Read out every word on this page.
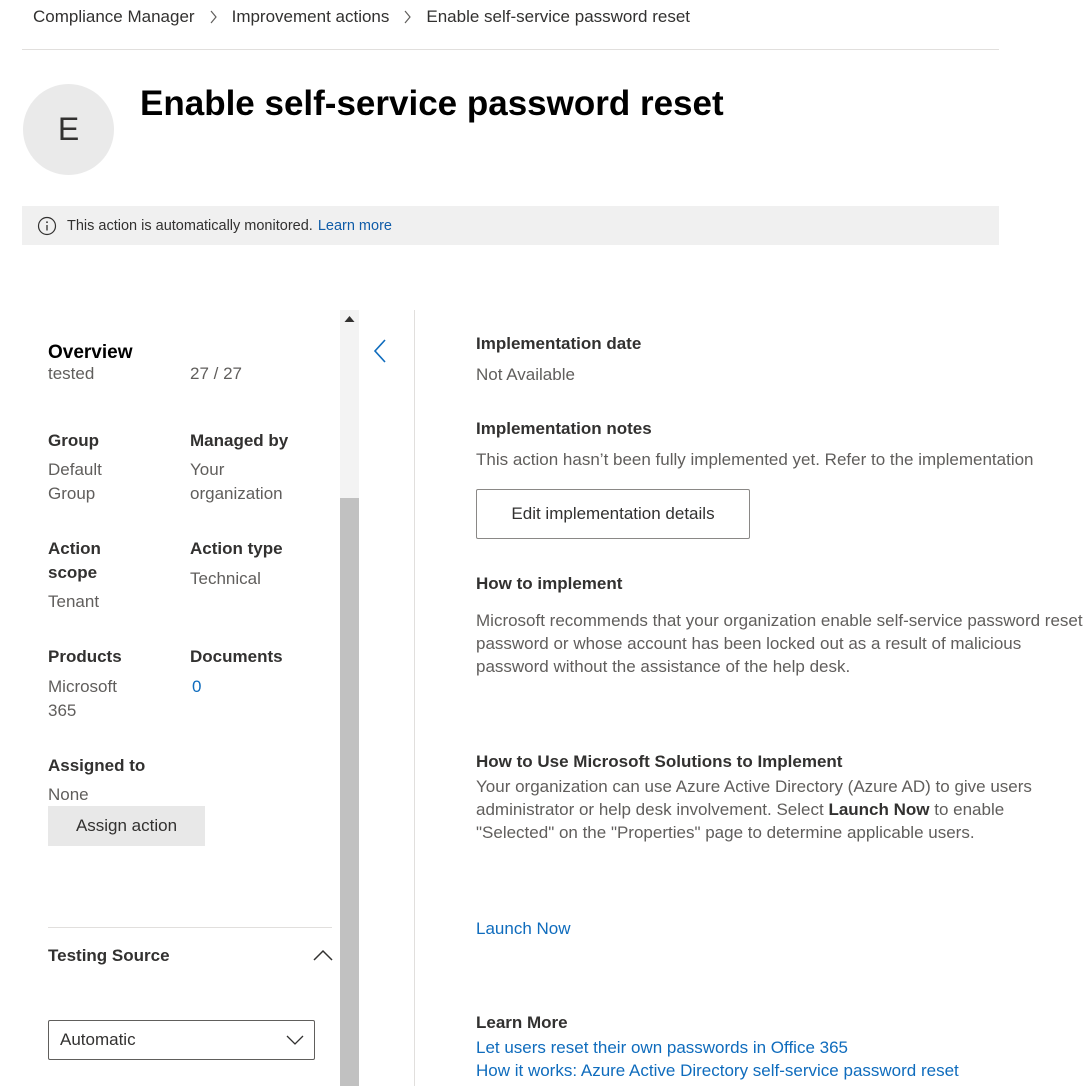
Compliance Manager Improvement actions Enable self-service password reset
E
Enable self-service password reset
This action is automatically monitored. Learn more
Overview
tested	27 / 27
Group
Default
Group
Managed by
Your
organization
Action
scope
Tenant
Action type
Technical
Products
Microsoft
365
Documents
0
Assigned to
None
Assign action
Testing Source
Automatic
Implementation date
Not Available
Implementation notes
This action hasn’t been fully implemented yet. Refer to the implementation
Edit implementation details
How to implement
Microsoft recommends that your organization enable self-service password reset
password or whose account has been locked out as a result of malicious
password without the assistance of the help desk.
How to Use Microsoft Solutions to Implement
Your organization can use Azure Active Directory (Azure AD) to give users
administrator or help desk involvement. Select Launch Now to enable
"Selected" on the "Properties" page to determine applicable users.
Launch Now
Learn More
Let users reset their own passwords in Office 365
How it works: Azure Active Directory self-service password reset
